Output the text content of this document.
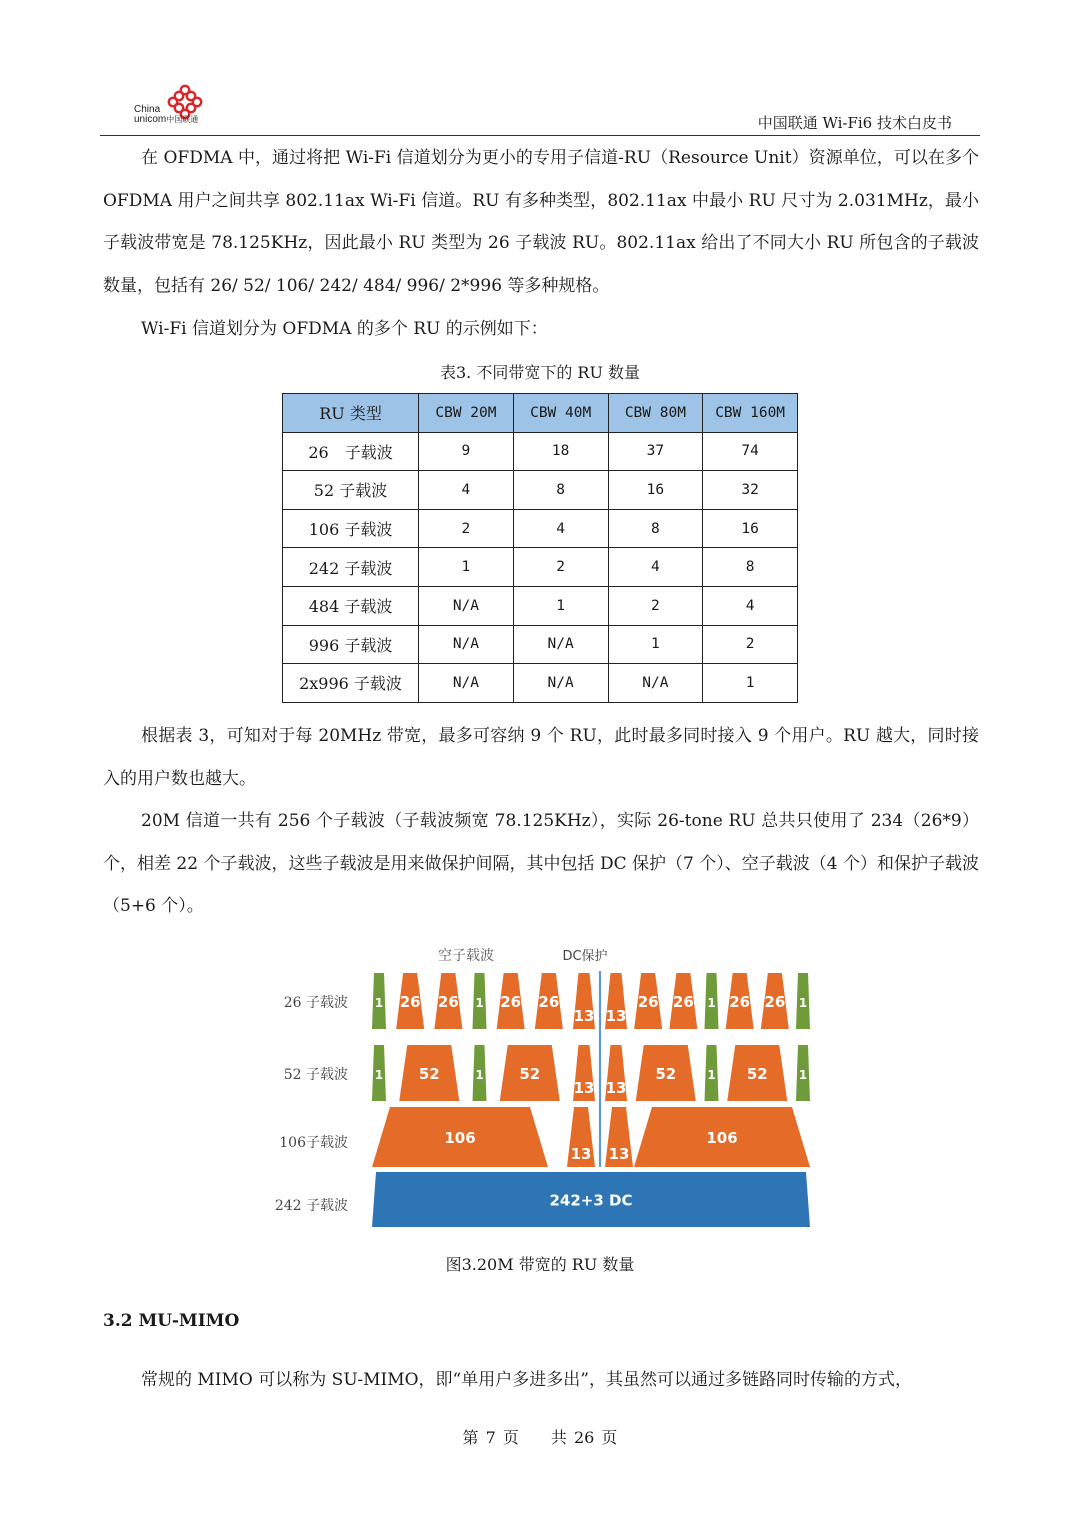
China
unicom中国联通	中国联通 Wi-Fi6 技术白皮书

在 OFDMA 中，通过将把 Wi-Fi 信道划分为更小的专用子信道-RU（Resource Unit）资源单位，可以在多个 OFDMA 用户之间共享 802.11ax Wi-Fi 信道。RU 有多种类型，802.11ax 中最小 RU 尺寸为 2.031MHz，最小子载波带宽是 78.125KHz，因此最小 RU 类型为 26 子载波 RU。802.11ax 给出了不同大小 RU 所包含的子载波数量，包括有 26/ 52/ 106/ 242/ 484/ 996/ 2*996 等多种规格。

Wi-Fi 信道划分为 OFDMA 的多个 RU 的示例如下：

表3. 不同带宽下的 RU 数量
RU 类型	CBW 20M	CBW 40M	CBW 80M	CBW 160M
26　子载波	9	18	37	74
52 子载波	4	8	16	32
106 子载波	2	4	8	16
242 子载波	1	2	4	8
484 子载波	N/A	1	2	4
996 子载波	N/A	N/A	1	2
2x996 子载波	N/A	N/A	N/A	1

根据表 3，可知对于每 20MHz 带宽，最多可容纳 9 个 RU，此时最多同时接入 9 个用户。RU 越大，同时接入的用户数也越大。

20M 信道一共有 256 个子载波（子载波频宽 78.125KHz），实际 26-tone RU 总共只使用了 234（26*9）个，相差 22 个子载波，这些子载波是用来做保护间隔，其中包括 DC 保护（7 个）、空子载波（4 个）和保护子载波（5+6 个）。

空子载波	DC保护
26 子载波
52 子载波
106子载波
242 子载波
1 26 26 1 26 26
13 13
26 26 1 26 26 1
1 52	1 52
13 13
52	1 52	1
106
13 13
106
242+3 DC
图3.20M 带宽的 RU 数量
3.2 MU-MIMO

常规的 MIMO 可以称为 SU-MIMO，即“单用户多进多出”，其虽然可以通过多链路同时传输的方式，

第 7 页　　共 26 页
